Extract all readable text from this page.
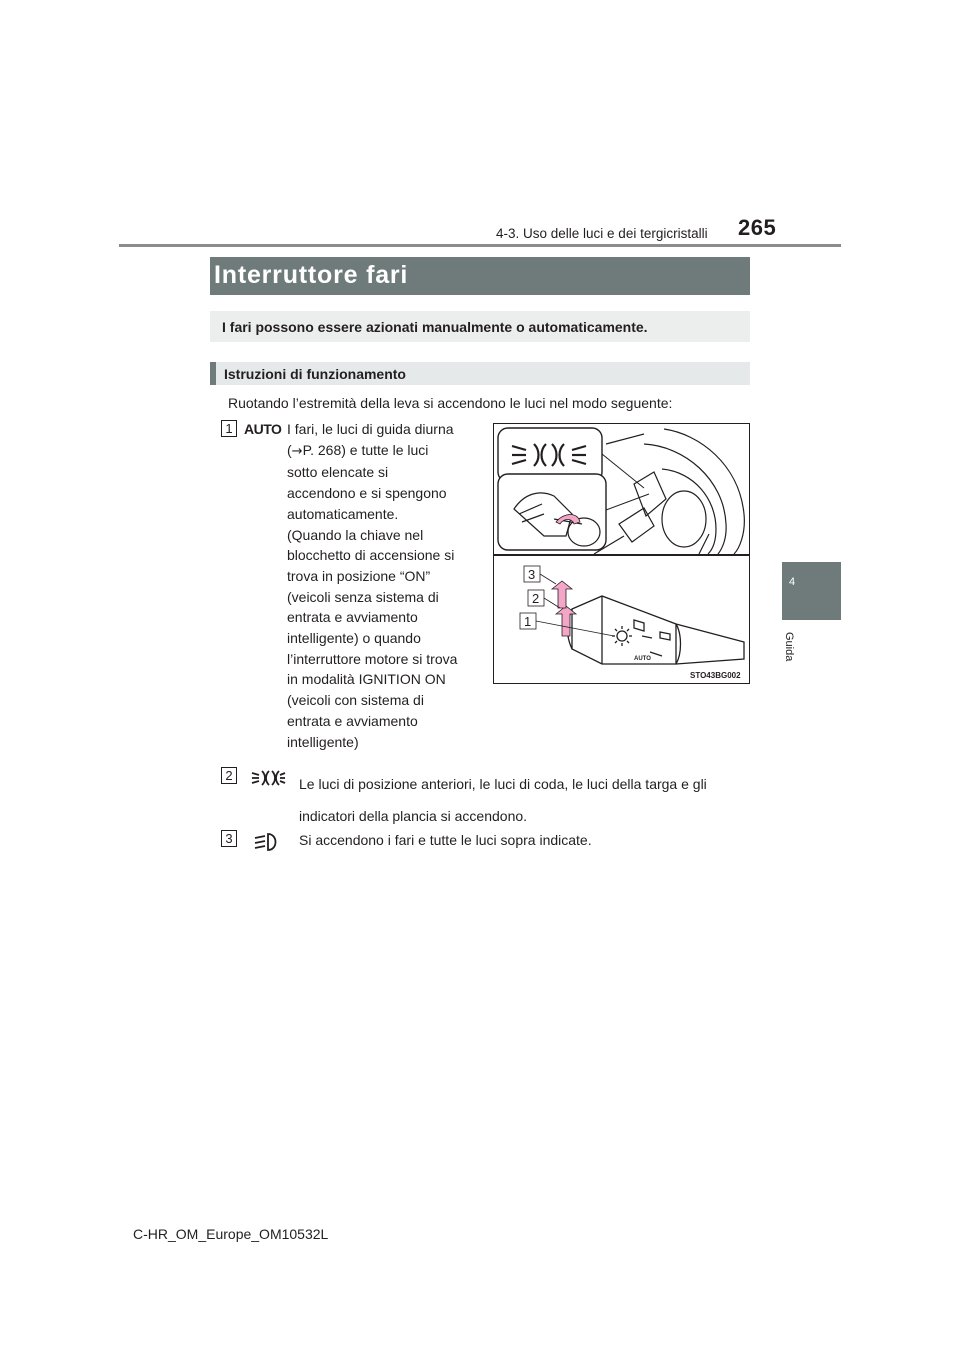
265
4-3. Uso delle luci e dei tergicristalli
4
Guida
Interruttore fari
I fari possono essere azionati manualmente o automaticamente.
Istruzioni di funzionamento
Ruotando l’estremità della leva si accendono le luci nel modo seguente:
1 AUTO I fari, le luci di guida diurna
(→P. 268) e tutte le luci
sotto elencate si
accendono e si spengono
automaticamente.
(Quando la chiave nel
blocchetto di accensione si
trova in posizione “ON”
(veicoli senza sistema di
entrata e avviamento
intelligente) o quando
l’interruttore motore si trova
in modalità IGNITION ON
(veicoli con sistema di
entrata e avviamento
intelligente)
AUTO
3
2
1
STO43BG002
2
Le luci di posizione anteriori, le luci di coda, le luci della targa e gli indicatori della plancia si accendono.
3	Si accendono i fari e tutte le luci sopra indicate.
C-HR_OM_Europe_OM10532L
